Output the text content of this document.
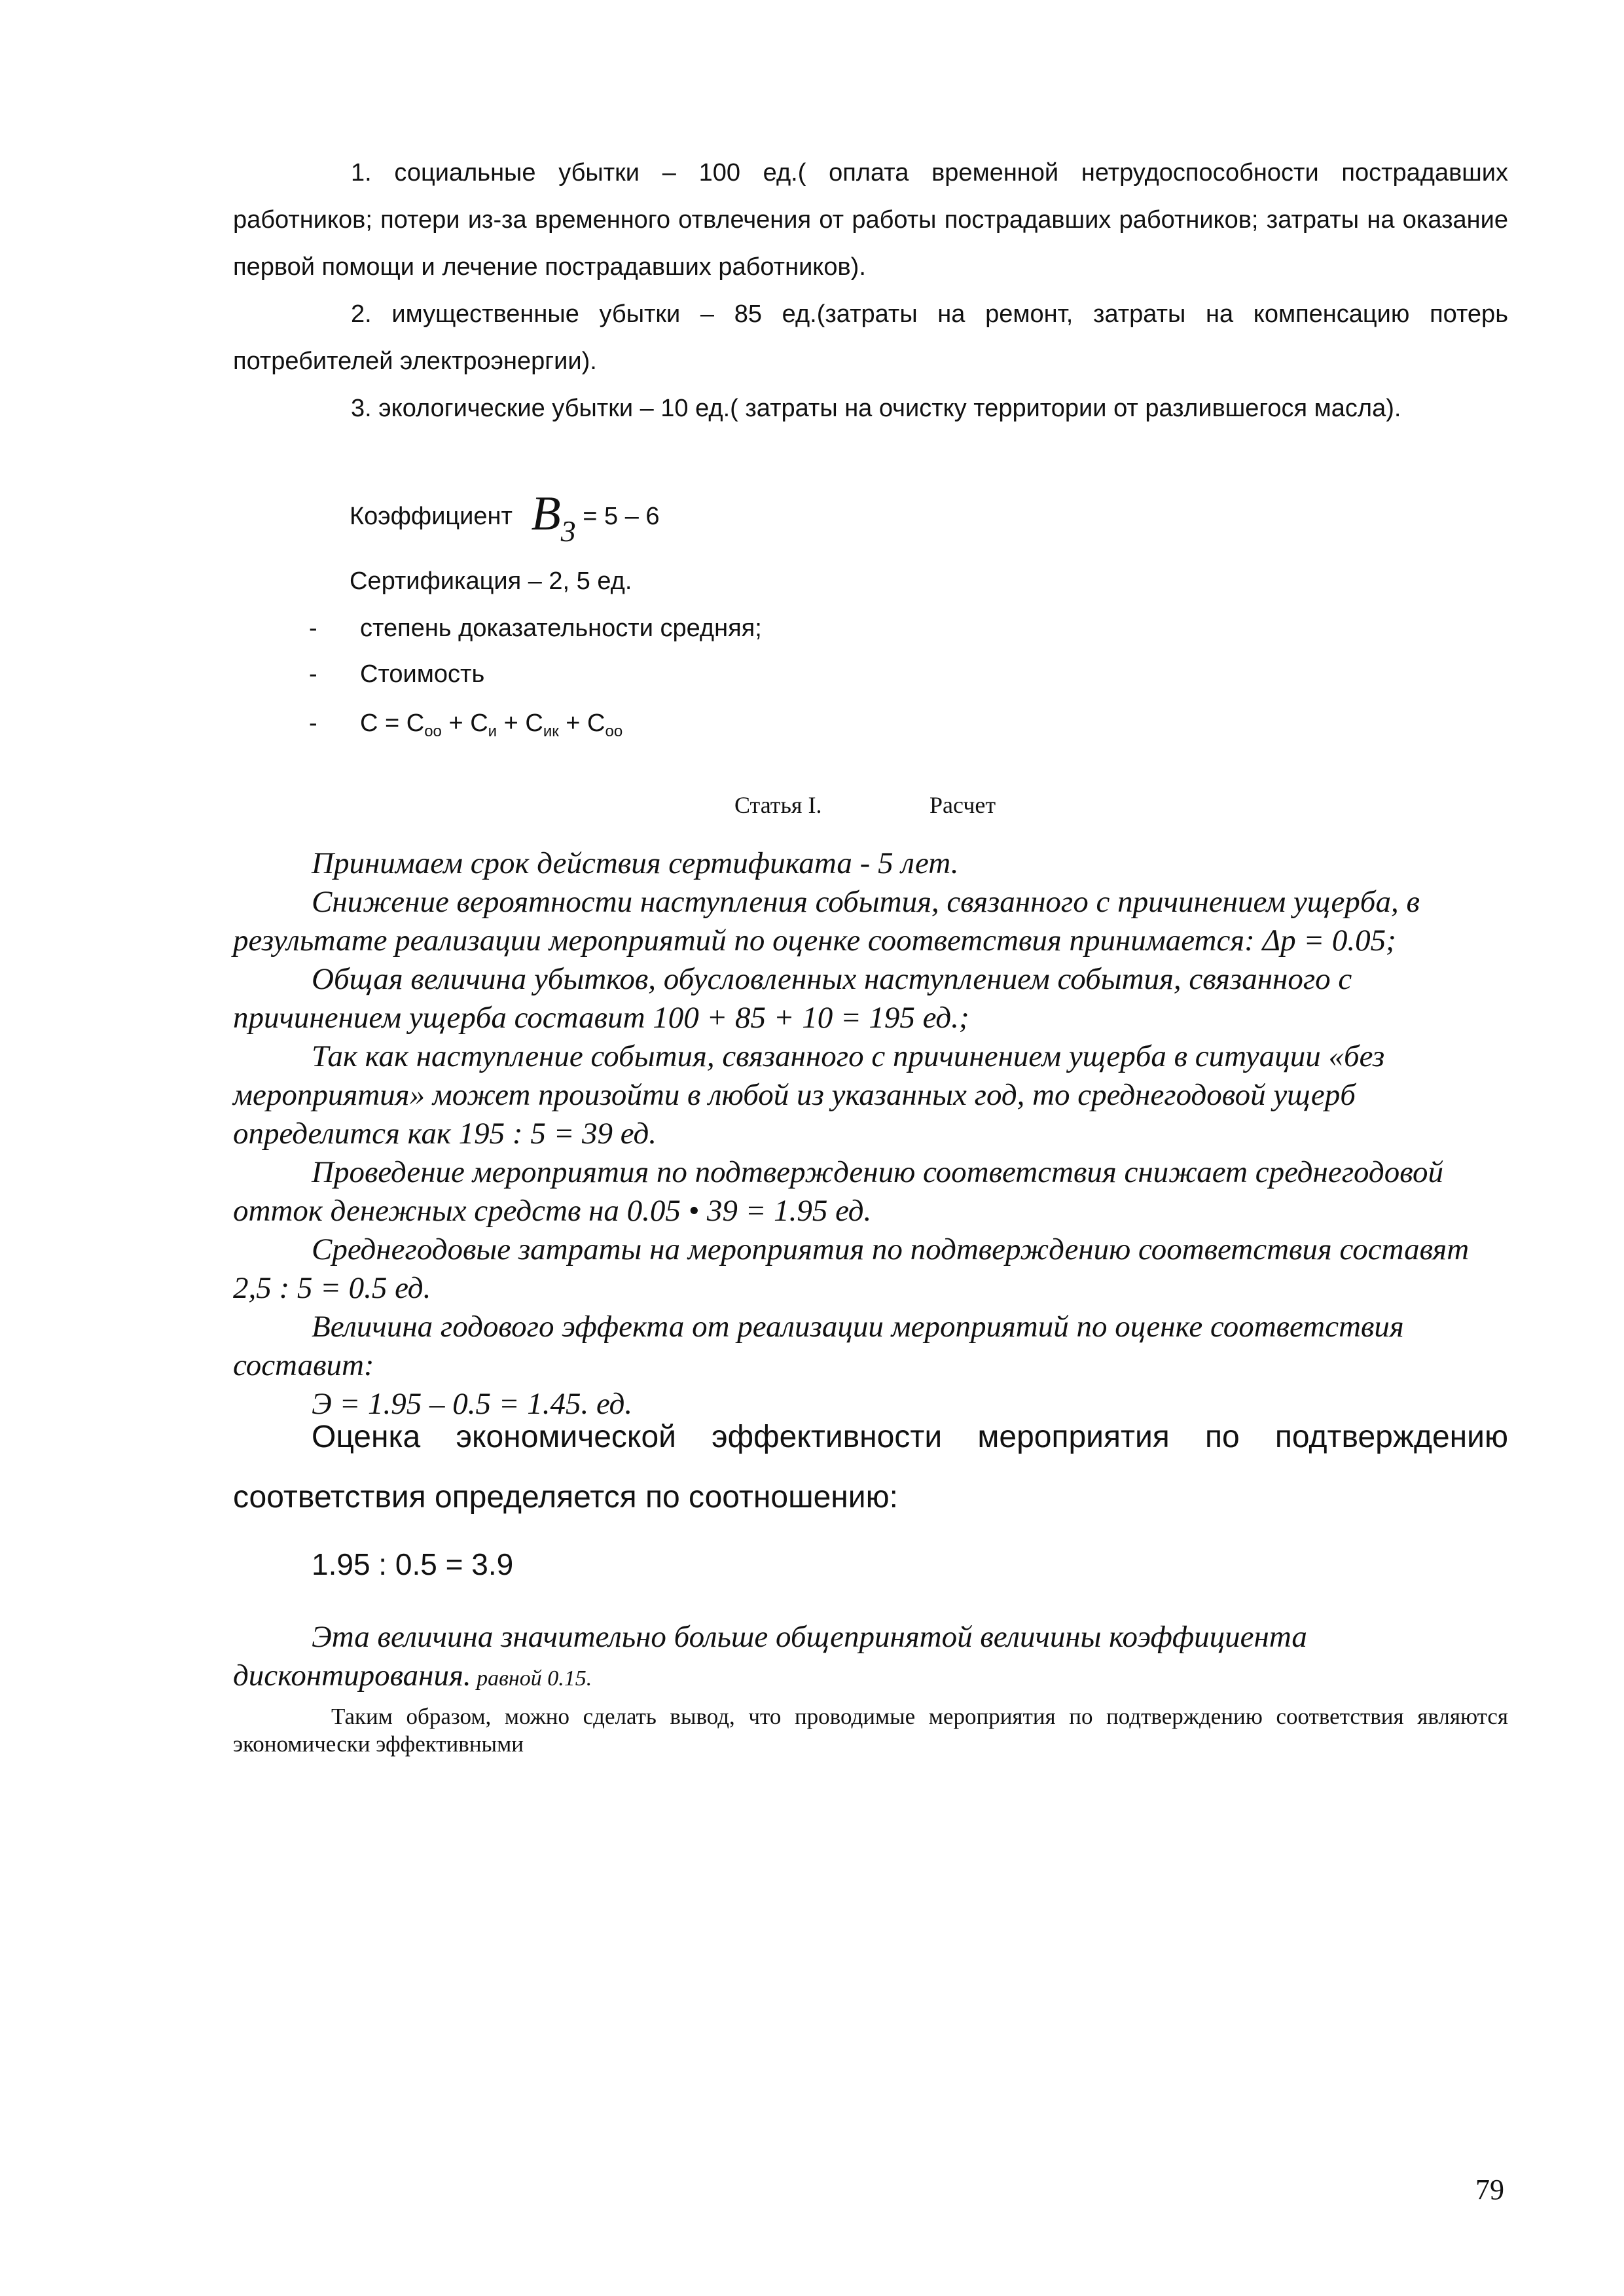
1. социальные убытки – 100 ед.( оплата временной нетрудоспособности пострадавших работников; потери из-за временного отвлечения от работы пострадавших работников; затраты на оказание первой помощи и лечение пострадавших работников).

2. имущественные убытки – 85 ед.(затраты на ремонт, затраты на компенсацию потерь потребителей электроэнергии).

3. экологические убытки – 10 ед.( затраты на очистку территории от разлившегося масла).

Коэффициент B3 = 5 – 6
Сертификация – 2, 5 ед.
- степень доказательности средняя;
- Стоимость
- $С = С_{оо} + С_и + С_{ик} + С_{оо}$
Статья I.	Расчет

Принимаем срок действия сертификата - 5 лет.

Снижение вероятности наступления события, связанного с причинением ущерба, в результате реализации мероприятий по оценке соответствия принимается: Δр = 0.05;

Общая величина убытков, обусловленных наступлением события, связанного с причинением ущерба составит 100 + 85 + 10 = 195 ед.;

Так как наступление события, связанного с причинением ущерба в ситуации «без мероприятия» может произойти в любой из указанных год, то среднегодовой ущерб определится как 195 : 5 = 39 ед.

Проведение мероприятия по подтверждению соответствия снижает среднегодовой отток денежных средств на 0.05 • 39 = 1.95 ед.

Среднегодовые затраты на мероприятия по подтверждению соответствия составят 2,5 : 5 = 0.5 ед.

Величина годового эффекта от реализации мероприятий по оценке соответствия составит:

Э = 1.95 – 0.5 = 1.45. ед.

Оценка экономической эффективности мероприятия по подтверждению соответствия определяется по соотношению:

1.95 : 0.5 = 3.9

Эта величина значительно больше общепринятой величины коэффициента дисконтирования. равной 0.15.

Таким образом, можно сделать вывод, что проводимые мероприятия по подтверждению соответствия являются экономически эффективными

79
